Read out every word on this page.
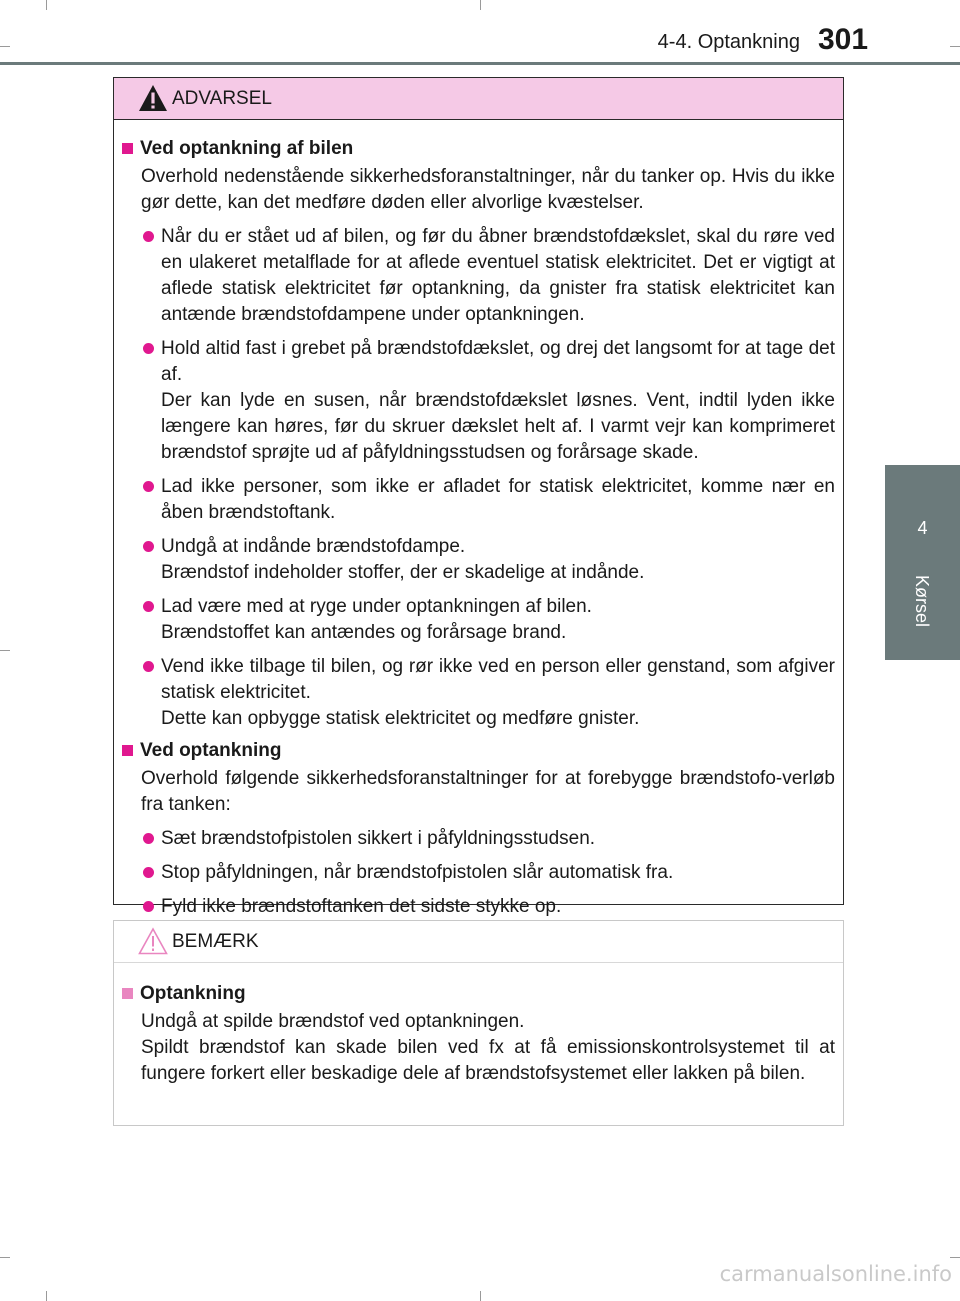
4-4. Optankning 301
4
Kørsel
ADVARSEL
Ved optankning af bilen
Overhold nedenstående sikkerhedsforanstaltninger, når du tanker op. Hvis du ikke gør dette, kan det medføre døden eller alvorlige kvæstelser.
Når du er stået ud af bilen, og før du åbner brændstofdækslet, skal du røre ved en ulakeret metalflade for at aflede eventuel statisk elektricitet. Det er vigtigt at aflede statisk elektricitet før optankning, da gnister fra statisk elektricitet kan antænde brændstofdampene under optankningen.
Hold altid fast i grebet på brændstofdækslet, og drej det langsomt for at tage det af.
Der kan lyde en susen, når brændstofdækslet løsnes. Vent, indtil lyden ikke længere kan høres, før du skruer dækslet helt af. I varmt vejr kan komprimeret brændstof sprøjte ud af påfyldningsstudsen og forårsage skade.
Lad ikke personer, som ikke er afladet for statisk elektricitet, komme nær en åben brændstoftank.
Undgå at indånde brændstofdampe.
Brændstof indeholder stoffer, der er skadelige at indånde.
Lad være med at ryge under optankningen af bilen.
Brændstoffet kan antændes og forårsage brand.
Vend ikke tilbage til bilen, og rør ikke ved en person eller genstand, som afgiver statisk elektricitet.
Dette kan opbygge statisk elektricitet og medføre gnister.
Ved optankning
Overhold følgende sikkerhedsforanstaltninger for at forebygge brændstofo-verløb fra tanken:
Sæt brændstofpistolen sikkert i påfyldningsstudsen.
Stop påfyldningen, når brændstofpistolen slår automatisk fra.
Fyld ikke brændstoftanken det sidste stykke op.
BEMÆRK
Optankning
Undgå at spilde brændstof ved optankningen.
Spildt brændstof kan skade bilen ved fx at få emissionskontrolsystemet til at fungere forkert eller beskadige dele af brændstofsystemet eller lakken på bilen.
carmanualsonline.info
